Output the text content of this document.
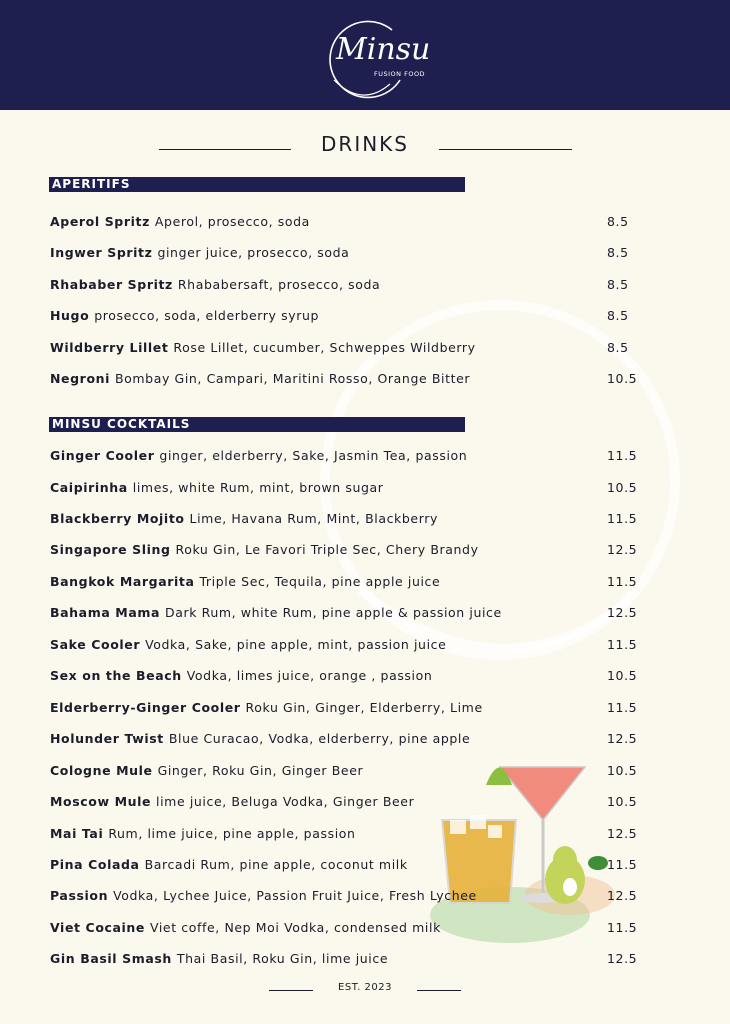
Minsu
FUSION FOOD
DRINKS
APERITIFS
Aperol Spritz Aperol, prosecco, soda	8.5
Ingwer Spritz ginger juice, prosecco, soda	8.5
Rhababer Spritz Rhababersaft, prosecco, soda	8.5
Hugo prosecco, soda, elderberry syrup	8.5
Wildberry Lillet Rose Lillet, cucumber, Schweppes Wildberry	8.5
Negroni Bombay Gin, Campari, Maritini Rosso, Orange Bitter	10.5
MINSU COCKTAILS
Ginger Cooler ginger, elderberry, Sake, Jasmin Tea, passion	11.5
Caipirinha limes, white Rum, mint, brown sugar	10.5
Blackberry Mojito Lime, Havana Rum, Mint, Blackberry	11.5
Singapore Sling Roku Gin, Le Favori Triple Sec, Chery Brandy	12.5
Bangkok Margarita Triple Sec, Tequila, pine apple juice	11.5
Bahama Mama Dark Rum, white Rum, pine apple & passion juice	12.5
Sake Cooler Vodka, Sake, pine apple, mint, passion juice	11.5
Sex on the Beach Vodka, limes juice, orange , passion	10.5
Elderberry-Ginger Cooler Roku Gin, Ginger, Elderberry, Lime	11.5
Holunder Twist Blue Curacao, Vodka, elderberry, pine apple	12.5
Cologne Mule Ginger, Roku Gin, Ginger Beer	10.5
Moscow Mule lime juice, Beluga Vodka, Ginger Beer	10.5
Mai Tai Rum, lime juice, pine apple, passion	12.5
Pina Colada Barcadi Rum, pine apple, coconut milk	11.5
Passion Vodka, Lychee Juice, Passion Fruit Juice, Fresh Lychee	12.5
Viet Cocaine Viet coffe, Nep Moi Vodka, condensed milk	11.5
Gin Basil Smash Thai Basil, Roku Gin, lime juice	12.5
EST. 2023
